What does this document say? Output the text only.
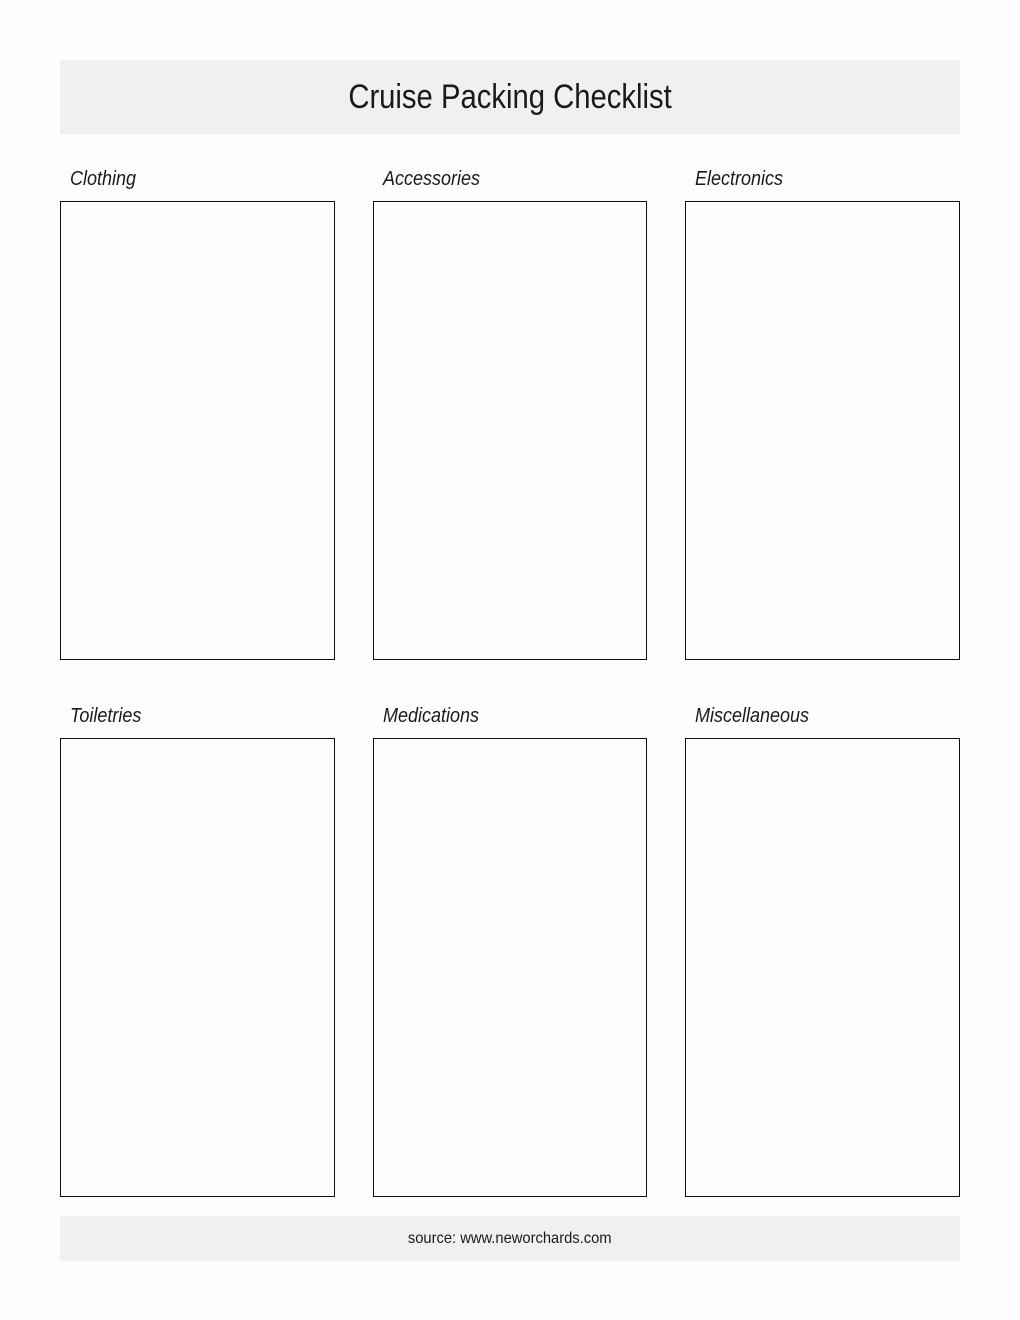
Cruise Packing Checklist
Clothing	Accessories	Electronics
Toiletries	Medications	Miscellaneous
source: www.neworchards.com
